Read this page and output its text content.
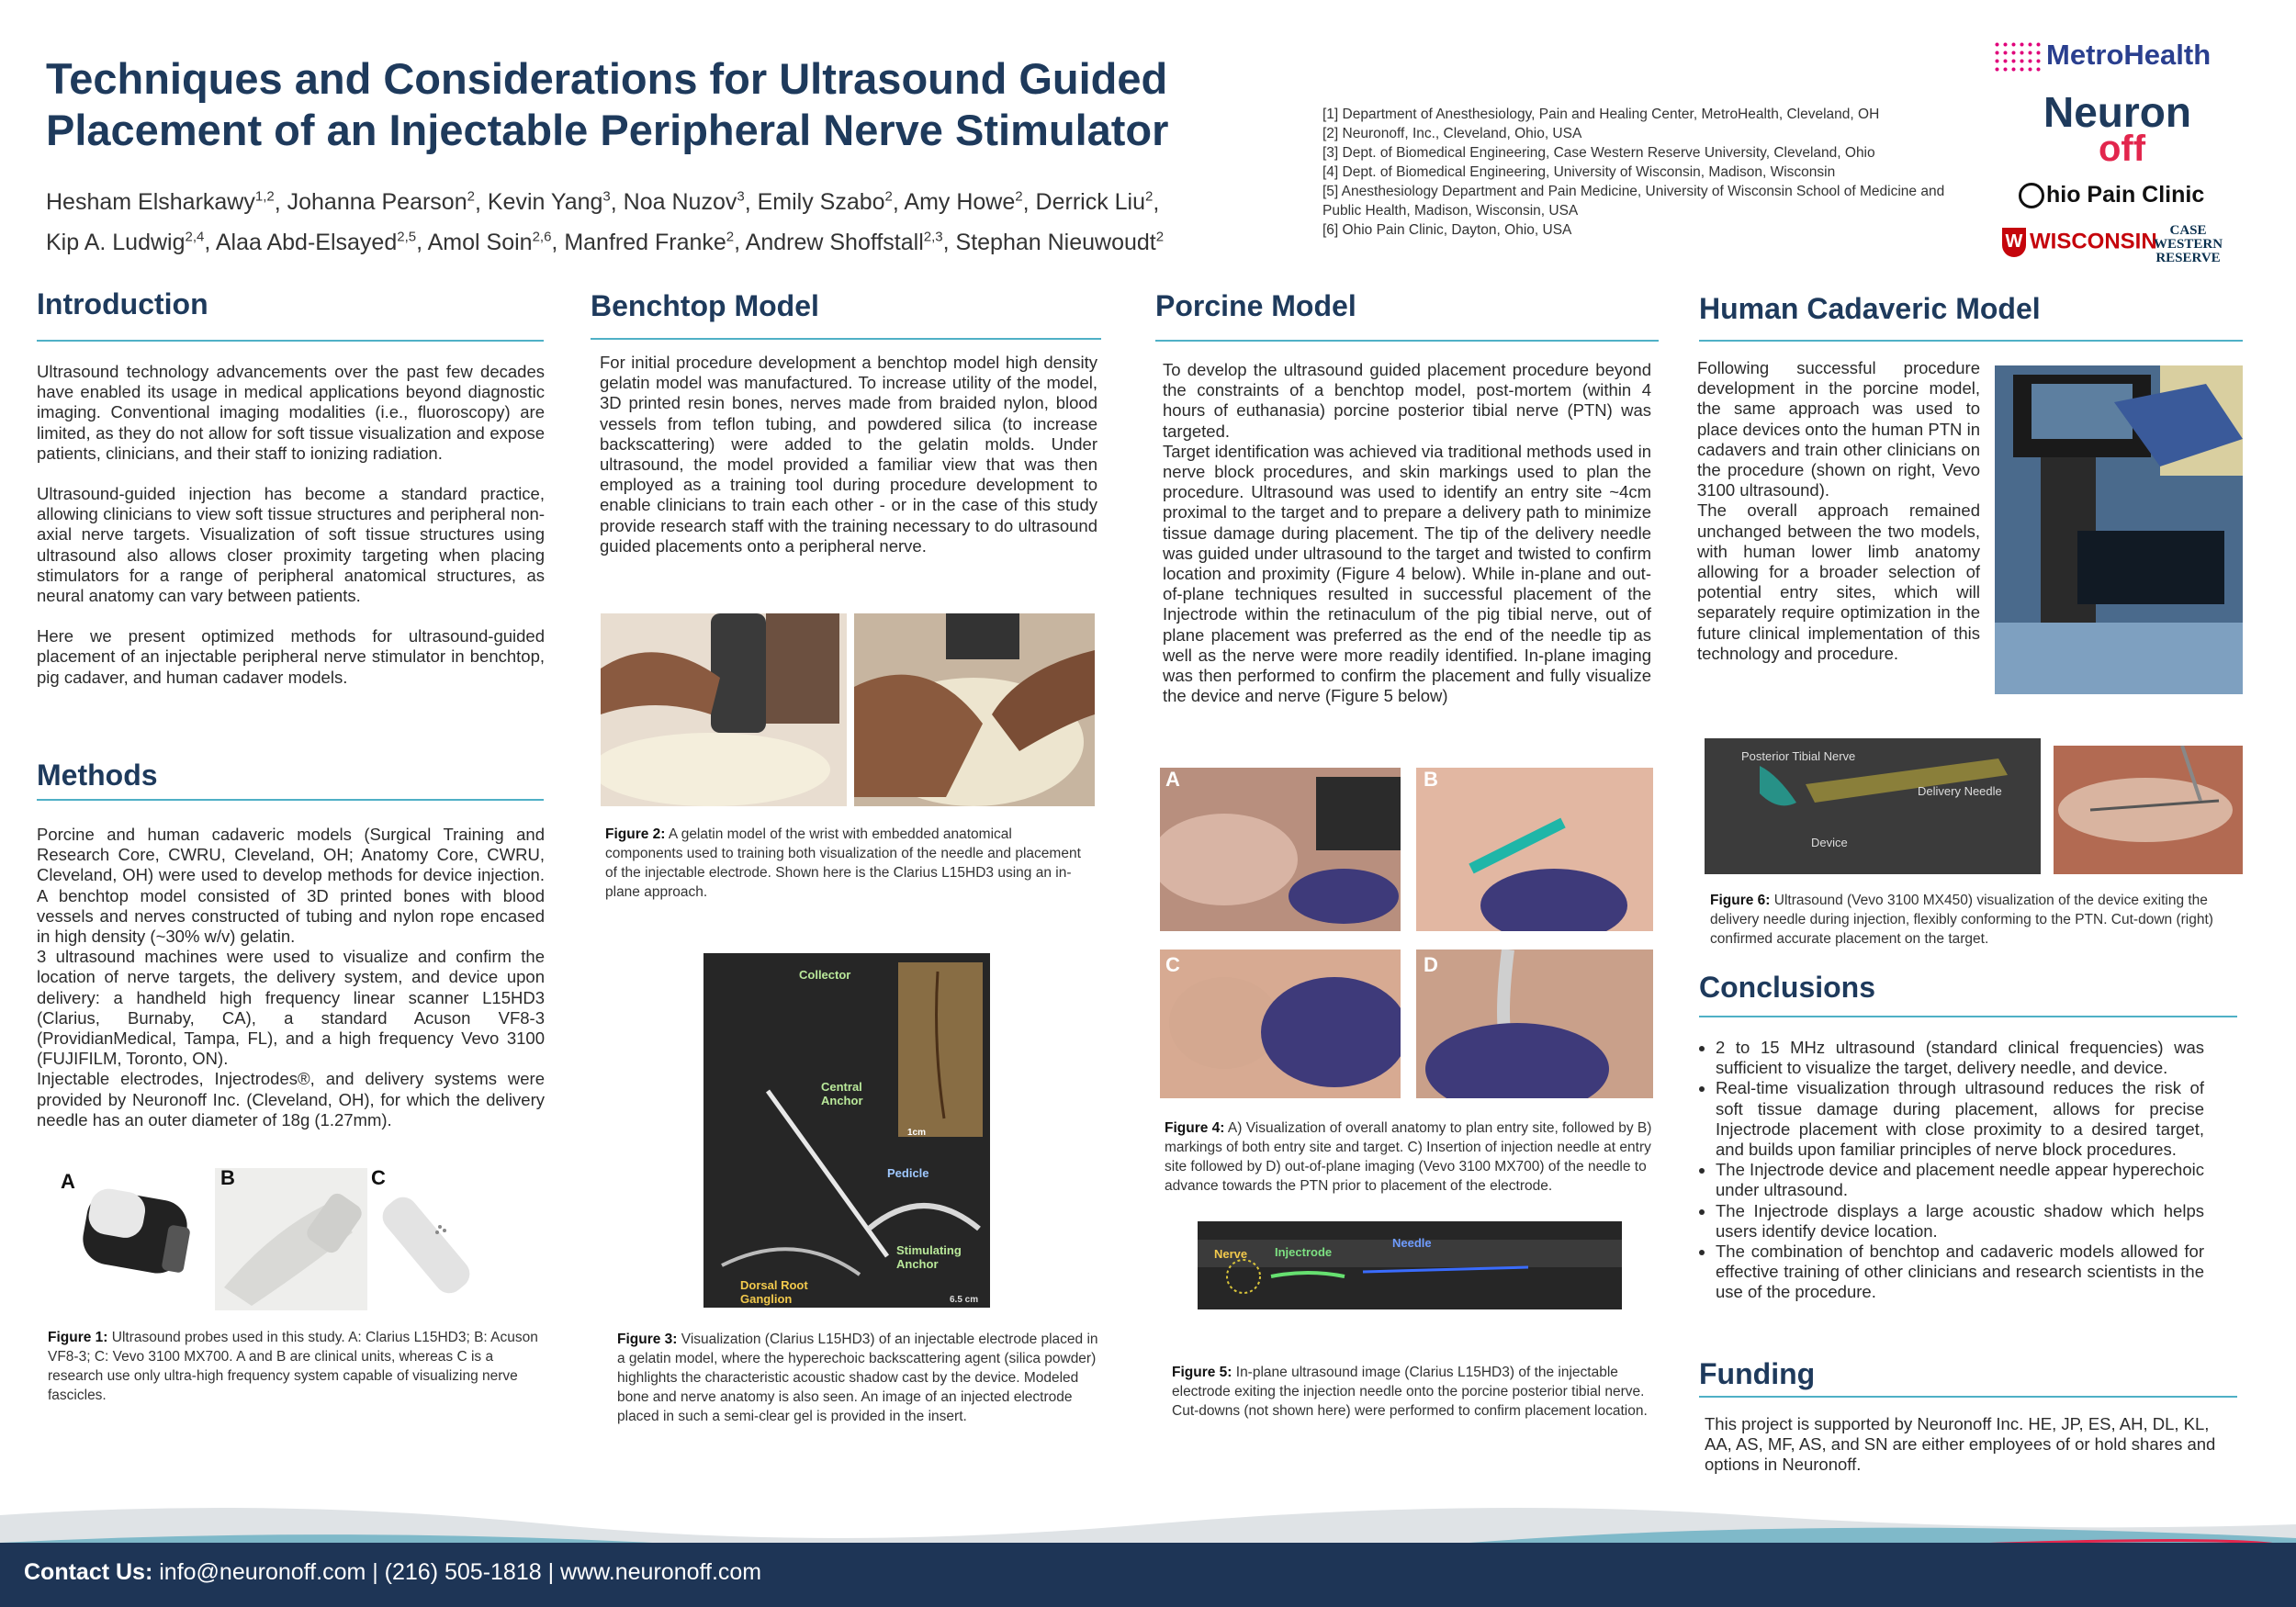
Techniques and Considerations for Ultrasound Guided
Placement of an Injectable Peripheral Nerve Stimulator
Hesham Elsharkawy$^{1,2}$, Johanna Pearson$^2$, Kevin Yang$^3$, Noa Nuzov$^3$, Emily Szabo$^2$, Amy Howe$^2$, Derrick Liu$^2$,
Kip A. Ludwig$^{2,4}$, Alaa Abd-Elsayed$^{2,5}$, Amol Soin$^{2,6}$, Manfred Franke$^2$, Andrew Shoffstall$^{2,3}$, Stephan Nieuwoudt$^2$
[1] Department of Anesthesiology, Pain and Healing Center, MetroHealth, Cleveland, OH
[2] Neuronoff, Inc., Cleveland, Ohio, USA
[3] Dept. of Biomedical Engineering, Case Western Reserve University, Cleveland, Ohio
[4] Dept. of Biomedical Engineering, University of Wisconsin, Madison, Wisconsin
[5] Anesthesiology Department and Pain Medicine, University of Wisconsin School of Medicine and Public Health, Madison, Wisconsin, USA
[6] Ohio Pain Clinic, Dayton, Ohio, USA
MetroHealth
Neuron
off
hio Pain Clinic
W WISCONSIN CASE
WESTERN
RESERVE
Introduction

Ultrasound technology advancements over the past few decades have enabled its usage in medical applications beyond diagnostic imaging. Conventional imaging modalities (i.e., fluoroscopy) are limited, as they do not allow for soft tissue visualization and expose patients, clinicians, and their staff to ionizing radiation.

Ultrasound-guided injection has become a standard practice, allowing clinicians to view soft tissue structures and peripheral non-axial nerve targets. Visualization of soft tissue structures using ultrasound also allows closer proximity targeting when placing stimulators for a range of peripheral anatomical structures, as neural anatomy can vary between patients.

Here we present optimized methods for ultrasound-guided placement of an injectable peripheral nerve stimulator in benchtop, pig cadaver, and human cadaver models.

Methods

Porcine and human cadaveric models (Surgical Training and Research Core, CWRU, Cleveland, OH; Anatomy Core, CWRU, Cleveland, OH) were used to develop methods for device injection. A benchtop model consisted of 3D printed bones with blood vessels and nerves constructed of tubing and nylon rope encased in high density (~30% w/v) gelatin.

3 ultrasound machines were used to visualize and confirm the location of nerve targets, the delivery system, and device upon delivery: a handheld high frequency linear scanner L15HD3 (Clarius, Burnaby, CA), a standard Acuson VF8-3 (ProvidianMedical, Tampa, FL), and a high frequency Vevo 3100 (FUJIFILM, Toronto, ON).

Injectable electrodes, Injectrodes®, and delivery systems were provided by Neuronoff Inc. (Cleveland, OH), for which the delivery needle has an outer diameter of 18g (1.27mm).

A	B	C
Figure 1: Ultrasound probes used in this study. A: Clarius L15HD3; B: Acuson VF8-3; C: Vevo 3100 MX700. A and B are clinical units, whereas C is a research use only ultra-high frequency system capable of visualizing nerve fascicles.
Benchtop Model
For initial procedure development a benchtop model high density gelatin model was manufactured. To increase utility of the model, 3D printed resin bones, nerves made from braided nylon, blood vessels from teflon tubing, and powdered silica (to increase backscattering) were added to the gelatin molds. Under ultrasound, the model provided a familiar view that was then employed as a training tool during procedure development to enable clinicians to train each other - or in the case of this study provide research staff with the training necessary to do ultrasound guided placements onto a peripheral nerve.
Figure 2: A gelatin model of the wrist with embedded anatomical components used to training both visualization of the needle and placement of the injectable electrode. Shown here is the Clarius L15HD3 using an in-plane approach.
Collector
Central Anchor
Pedicle
Stimulating Anchor
Dorsal Root Ganglion
1cm
6.5 cm
Figure 3: Visualization (Clarius L15HD3) of an injectable electrode placed in a gelatin model, where the hyperechoic backscattering agent (silica powder) highlights the characteristic acoustic shadow cast by the device. Modeled bone and nerve anatomy is also seen. An image of an injected electrode placed in such a semi-clear gel is provided in the insert.
Porcine Model

To develop the ultrasound guided placement procedure beyond the constraints of a benchtop model, post-mortem (within 4 hours of euthanasia) porcine posterior tibial nerve (PTN) was targeted.

Target identification was achieved via traditional methods used in nerve block procedures, and skin markings used to plan the procedure. Ultrasound was used to identify an entry site ~4cm proximal to the target and to prepare a delivery path to minimize tissue damage during placement. The tip of the delivery needle was guided under ultrasound to the target and twisted to confirm location and proximity (Figure 4 below). While in-plane and out-of-plane techniques resulted in successful placement of the Injectrode within the retinaculum of the pig tibial nerve, out of plane placement was preferred as the end of the needle tip as well as the nerve were more readily identified. In-plane imaging was then performed to confirm the placement and fully visualize the device and nerve (Figure 5 below)

A	B
C	D
Figure 4: A) Visualization of overall anatomy to plan entry site, followed by B) markings of both entry site and target. C) Insertion of injection needle at entry site followed by D) out-of-plane imaging (Vevo 3100 MX700) of the needle to advance towards the PTN prior to placement of the electrode.
Nerve Injectrode
Needle
Figure 5: In-plane ultrasound image (Clarius L15HD3) of the injectable electrode exiting the injection needle onto the porcine posterior tibial nerve. Cut-downs (not shown here) were performed to confirm placement location.
Human Cadaveric Model

Following successful procedure development in the porcine model, the same approach was used to place devices onto the human PTN in cadavers and train other clinicians on the procedure (shown on right, Vevo 3100 ultrasound).

The overall approach remained unchanged between the two models, with human lower limb anatomy allowing for a broader selection of potential entry sites, which will separately require optimization in the future clinical implementation of this technology and procedure.

Posterior Tibial Nerve
Delivery Needle
Device
Figure 6: Ultrasound (Vevo 3100 MX450) visualization of the device exiting the delivery needle during injection, flexibly conforming to the PTN. Cut-down (right) confirmed accurate placement on the target.
Conclusions
• 2 to 15 MHz ultrasound (standard clinical frequencies) was sufficient to visualize the target, delivery needle, and device.
• Real-time visualization through ultrasound reduces the risk of soft tissue damage during placement, allows for precise Injectrode placement with close proximity to a desired target, and builds upon familiar principles of nerve block procedures.
• The Injectrode device and placement needle appear hyperechoic under ultrasound.
• The Injectrode displays a large acoustic shadow which helps users identify device location.
• The combination of benchtop and cadaveric models allowed for effective training of other clinicians and research scientists in the use of the procedure.
Funding
This project is supported by Neuronoff Inc. HE, JP, ES, AH, DL, KL, AA, AS, MF, AS, and SN are either employees of or hold shares and options in Neuronoff.
Contact Us: info@neuronoff.com | (216) 505-1818 | www.neuronoff.com
